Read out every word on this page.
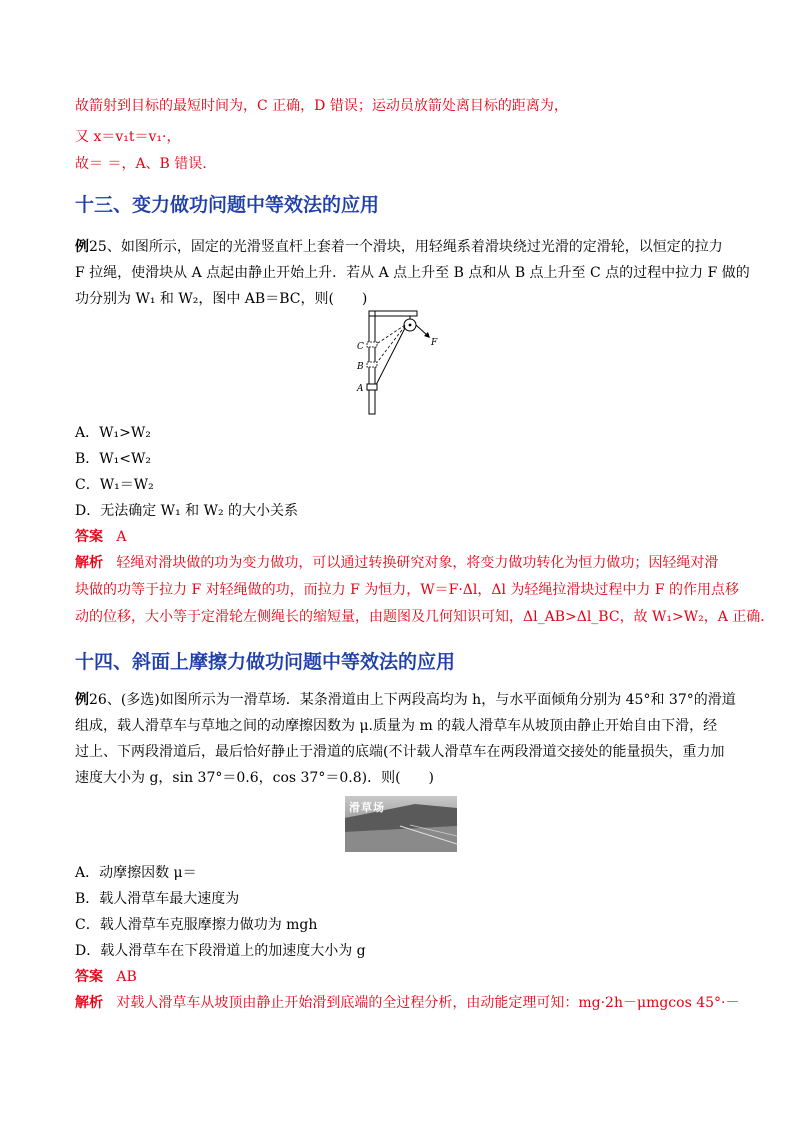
故箭射到目标的最短时间为，C 正确，D 错误；运动员放箭处离目标的距离为，
又 x＝v₁t＝v₁·，
故＝ ＝，A、B 错误.
十三、变力做功问题中等效法的应用
例25、如图所示，固定的光滑竖直杆上套着一个滑块，用轻绳系着滑块绕过光滑的定滑轮，以恒定的拉力
F 拉绳，使滑块从 A 点起由静止开始上升．若从 A 点上升至 B 点和从 B 点上升至 C 点的过程中拉力 F 做的
功分别为 W₁ 和 W₂，图中 AB＝BC，则(　　)
C
B
A
F
A．W₁>W₂
B．W₁<W₂
C．W₁＝W₂
D．无法确定 W₁ 和 W₂ 的大小关系
答案 A
解析 轻绳对滑块做的功为变力做功，可以通过转换研究对象，将变力做功转化为恒力做功；因轻绳对滑
块做的功等于拉力 F 对轻绳做的功，而拉力 F 为恒力，W＝F·Δl，Δl 为轻绳拉滑块过程中力 F 的作用点移
动的位移，大小等于定滑轮左侧绳长的缩短量，由题图及几何知识可知，Δl_AB>Δl_BC，故 W₁>W₂，A 正确．
十四、斜面上摩擦力做功问题中等效法的应用
例26、(多选)如图所示为一滑草场．某条滑道由上下两段高均为 h，与水平面倾角分别为 45°和 37°的滑道
组成，载人滑草车与草地之间的动摩擦因数为 μ.质量为 m 的载人滑草车从坡顶由静止开始自由下滑，经
过上、下两段滑道后，最后恰好静止于滑道的底端(不计载人滑草车在两段滑道交接处的能量损失，重力加
速度大小为 g，sin 37°＝0.6，cos 37°＝0.8)．则(　　)
滑草场
A．动摩擦因数 μ＝
B．载人滑草车最大速度为
C．载人滑草车克服摩擦力做功为 mgh
D．载人滑草车在下段滑道上的加速度大小为 g
答案 AB
解析 对载人滑草车从坡顶由静止开始滑到底端的全过程分析，由动能定理可知：mg·2h－μmgcos 45°·－
